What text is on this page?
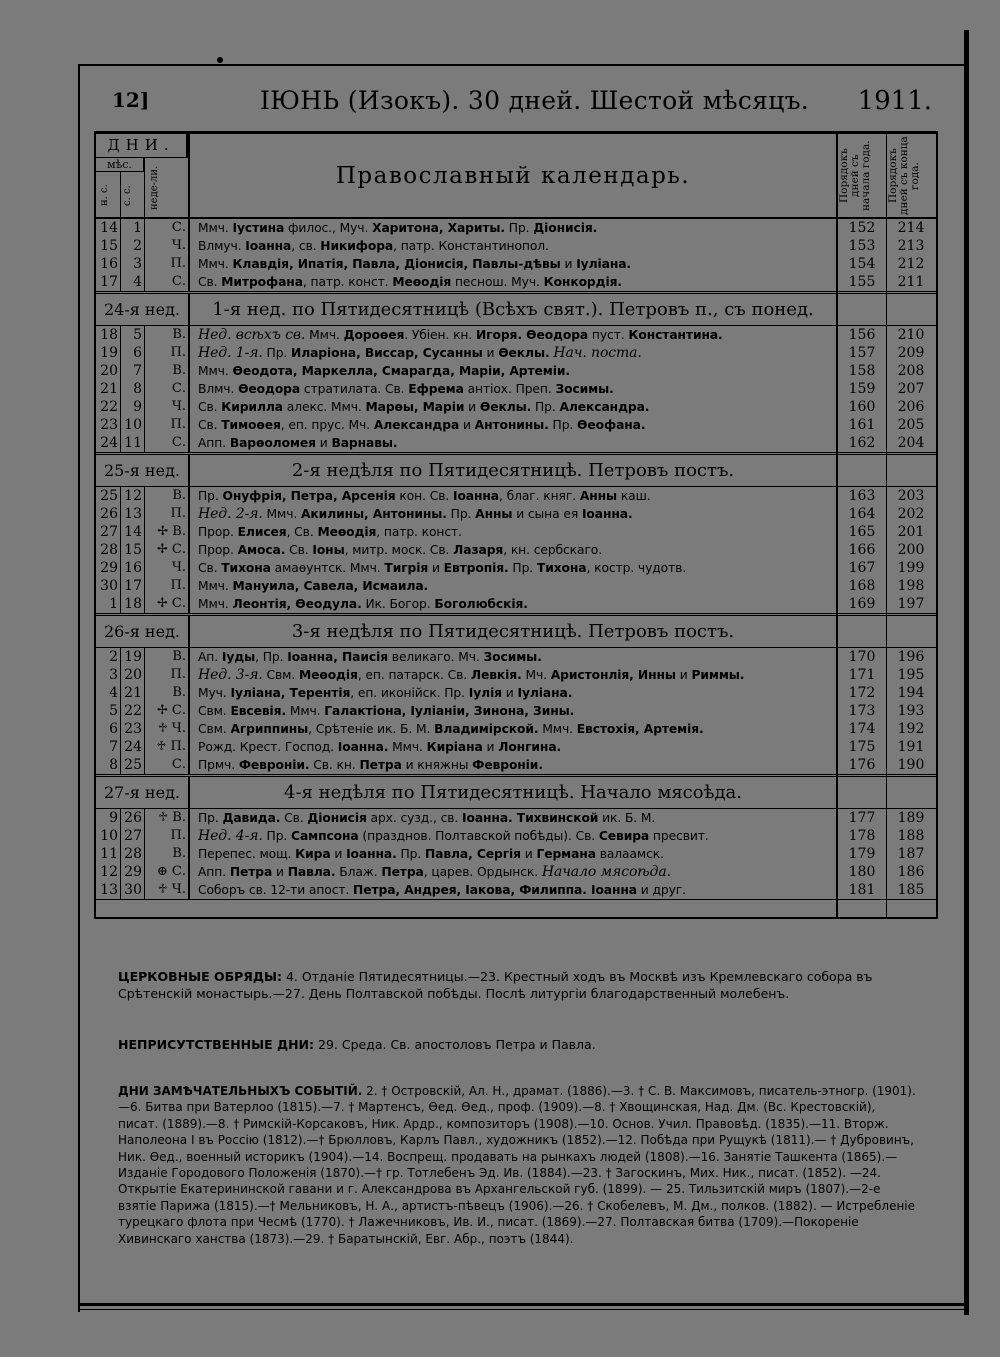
12]	ІЮНЬ (Изокъ). 30 дней. Шестой мѣсяцъ. 1911.
ДНИ.
мѣс.
н. с.	с. с.	неде-ли.	Православный календарь.	Порядокъ дней съ начала года.	Порядокъ дней съ конца года.
14	1	С. Ммч. Іустина филос., Муч. Харитона, Хариты. Пр. Діонисія.	152	214
15	2	Ч. Влмуч. Іоанна, св. Никифора, патр. Константинопол.	153	213
16	3	П. Ммч. Клавдія, Ипатія, Павла, Діонисія, Павлы-дѣвы и Іуліана.	154	212
17	4	С. Св. Митрофана, патр. конст. Меѳодія песнош. Муч. Конкордія.	155	211
24-я нед.	1-я нед. по Пятидесятницѣ (Всѣхъ свят.). Петровъ п., съ понед.
18	5	В. Нед. всѣхъ св. Ммч. Дороѳея. Убіен. кн. Игоря. Ѳеодора пуст. Константина.	156	210
19	6	П. Нед. 1-я. Пр. Иларіона, Виссар, Сусанны и Ѳеклы. Нач. поста.	157	209
20	7	В. Ммч. Ѳеодота, Маркелла, Смарагда, Маріи, Артеміи.	158	208
21	8	С. Влмч. Ѳеодора стратилата. Св. Ефрема антіох. Преп. Зосимы.	159	207
22	9	Ч. Св. Кирилла алекс. Ммч. Марѳы, Маріи и Ѳеклы. Пр. Александра.	160	206
23 10	П. Св. Тимоѳея, еп. прус. Мч. Александра и Антонины. Пр. Ѳеофана.	161	205
24 11	С. Апп. Варѳоломея и Варнавы.	162	204
25-я нед.	2-я недѣля по Пятидесятницѣ. Петровъ постъ.
25 12	В. Пр. Онуфрія, Петра, Арсенія кон. Св. Іоанна, благ. княг. Анны каш.	163	203
26 13	П. Нед. 2-я. Ммч. Акилины, Антонины. Пр. Анны и сына ея Іоанна.	164	202
27 14	✢ В. Прор. Елисея, Св. Меѳодія, патр. конст.	165	201
28 15	✢ С. Прор. Амоса. Св. Іоны, митр. моск. Св. Лазаря, кн. сербскаго.	166	200
29 16	Ч. Св. Тихона амаѳунтск. Ммч. Тигрія и Евтропія. Пр. Тихона, костр. чудотв.	167	199
30 17	П. Ммч. Мануила, Савела, Исмаила.	168	198
1 18	✢ С. Ммч. Леонтія, Ѳеодула. Ик. Богор. Боголюбскія.	169	197
26-я нед.	3-я недѣля по Пятидесятницѣ. Петровъ постъ.
2 19	В. Ап. Іуды, Пр. Іоанна, Паисія великаго. Мч. Зосимы.	170	196
3 20	П. Нед. 3-я. Свм. Меѳодія, еп. патарск. Св. Левкія. Мч. Аристонлія, Инны и Риммы.	171	195
4 21	В. Муч. Іуліана, Терентія, еп. иконійск. Пр. Іулія и Іуліана.	172	194
5 22	✢ С. Свм. Евсевія. Ммч. Галактіона, Іуліаніи, Зинона, Зины.	173	193
6 23	♱ Ч. Свм. Агриппины, Срѣтеніе ик. Б. М. Владимірской. Ммч. Евстохія, Артемія.	174	192
7 24	♱ П. Рожд. Крест. Господ. Іоанна. Ммч. Киріана и Лонгина.	175	191
8 25	С. Прмч. Февроніи. Св. кн. Петра и княжны Февроніи.	176	190
27-я нед.	4-я недѣля по Пятидесятницѣ. Начало мясоѣда.
9 26	♱ В. Пр. Давида. Св. Діонисія арх. сузд., св. Іоанна. Тихвинской ик. Б. М.	177	189
10 27	П. Нед. 4-я. Пр. Сампсона (празднов. Полтавской побѣды). Св. Севира пресвит.	178	188
11 28	В. Перепес. мощ. Кира и Іоанна. Пр. Павла, Сергія и Германа валаамск.	179	187
12 29	⊕ С. Апп. Петра и Павла. Блаж. Петра, царев. Ордынск. Начало мясоѣда.	180	186
13 30	♱ Ч. Соборъ св. 12-ти апост. Петра, Андрея, Іакова, Филиппа. Іоанна и друг.	181	185
ЦЕРКОВНЫЕ ОБРЯДЫ: 4. Отданіе Пятидесятницы.—23. Крестный ходъ въ Москвѣ изъ Кремлевскаго собора въ Срѣтенскій монастырь.—27. День Полтавской побѣды. Послѣ литургіи благодарственный молебенъ.
НЕПРИСУТСТВЕННЫЕ ДНИ: 29. Среда. Св. апостоловъ Петра и Павла.
ДНИ ЗАМѢЧАТЕЛЬНЫХЪ СОБЫТІЙ. 2. † Островскій, Ал. Н., драмат. (1886).—3. † С. В. Максимовъ, писатель-этногр. (1901).—6. Битва при Ватерлоо (1815).—7. † Мартенсъ, Ѳед. Ѳед., проф. (1909).—8. † Хвощинская, Над. Дм. (Вс. Крестовскій), писат. (1889).—8. † Римскій-Корсаковъ, Ник. Ардр., композиторъ (1908).—10. Основ. Учил. Правовѣд. (1835).—11. Вторж. Наполеона I въ Россію (1812).—† Брюлловъ, Карлъ Павл., художникъ (1852).—12. Побѣда при Рущукѣ (1811).— † Дубровинъ, Ник. Ѳед., военный историкъ (1904).—14. Воспрещ. продавать на рынкахъ людей (1808).—16. Занятіе Ташкента (1865).—Изданіе Городового Положенія (1870).—† гр. Тотлебенъ Эд. Ив. (1884).—23. † Загоскинъ, Мих. Ник., писат. (1852). —24. Открытіе Екатерининской гавани и г. Александрова въ Архангельской губ. (1899). — 25. Тильзитскій миръ (1807).—2-е взятіе Парижа (1815).—† Мельниковъ, Н. А., артистъ-пѣвецъ (1906).—26. † Скобелевъ, М. Дм., полков. (1882). — Истребленіе турецкаго флота при Чесмѣ (1770). † Лажечниковъ, Ив. И., писат. (1869).—27. Полтавская битва (1709).—Покореніе Хивинскаго ханства (1873).—29. † Баратынскій, Евг. Абр., поэтъ (1844).
